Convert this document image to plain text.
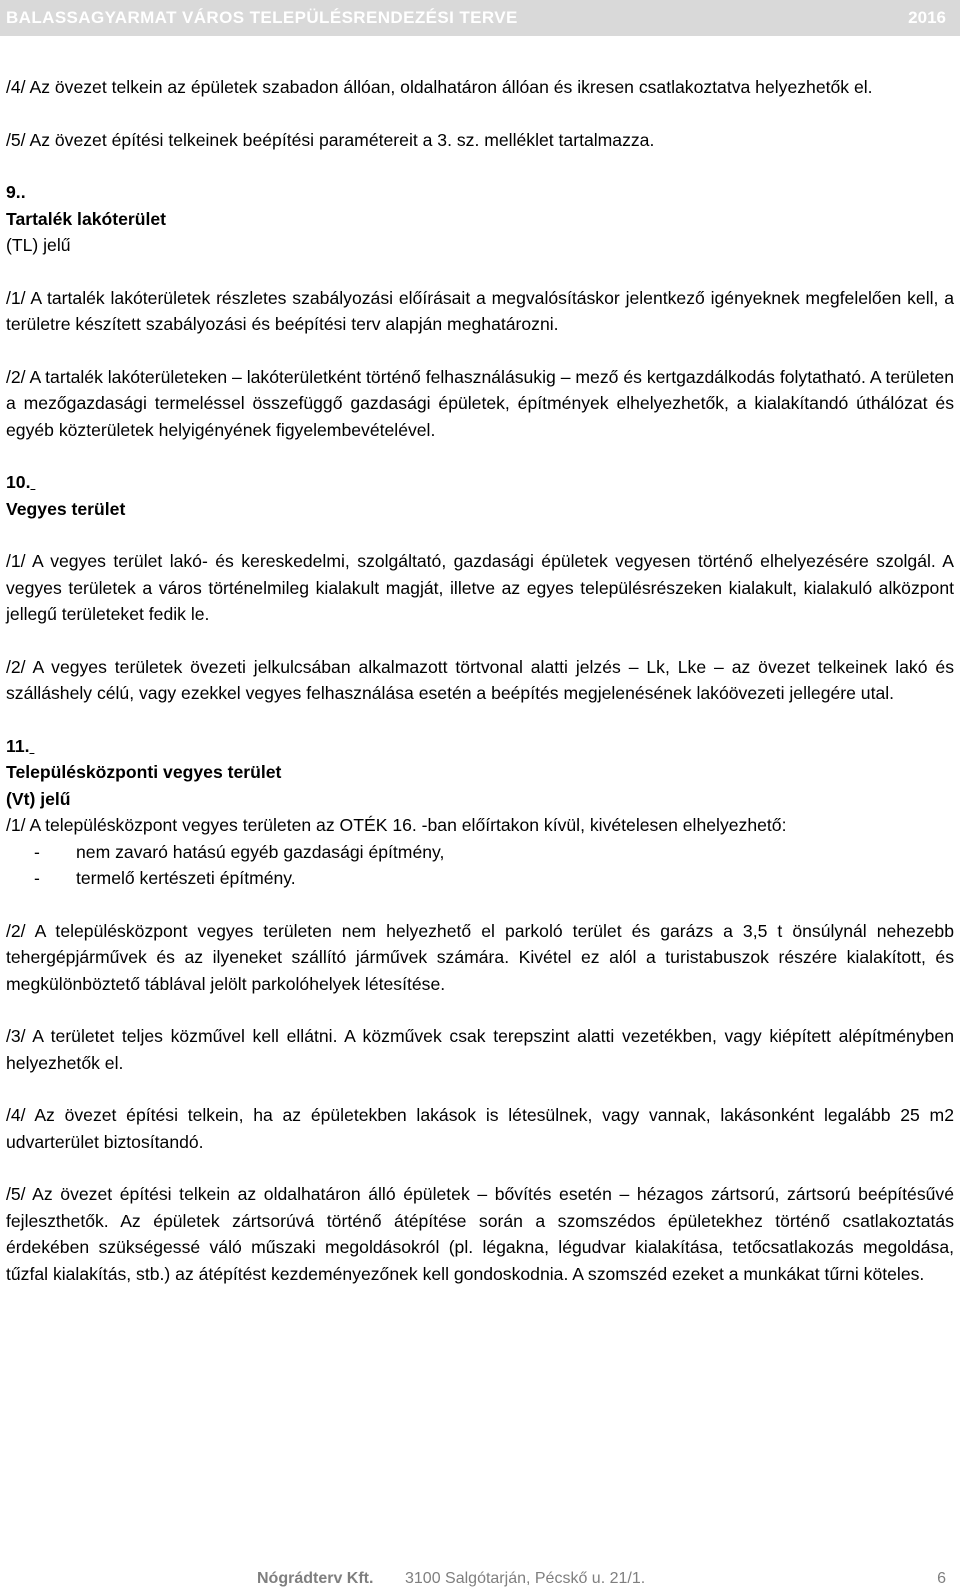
BALASSAGYARMAT VÁROS TELEPÜLÉSRENDEZÉSI TERVE	2016

/4/ Az övezet telkein az épületek szabadon állóan, oldalhatáron állóan és ikresen csatlakoztatva helyezhetők el.

/5/ Az övezet építési telkeinek beépítési paramétereit a 3. sz. melléklet tartalmazza.

9..

Tartalék lakóterület

(TL) jelű

/1/ A tartalék lakóterületek részletes szabályozási előírásait a megvalósításkor jelentkező igényeknek megfelelően kell, a területre készített szabályozási és beépítési terv alapján meghatározni.

/2/ A tartalék lakóterületeken – lakóterületként történő felhasználásukig – mező és kertgazdálkodás folytatható. A területen a mezőgazdasági termeléssel összefüggő gazdasági épületek, építmények elhelyezhetők, a kialakítandó úthálózat és egyéb közterületek helyigényének figyelembevételével.

10.

Vegyes terület

/1/ A vegyes terület lakó- és kereskedelmi, szolgáltató, gazdasági épületek vegyesen történő elhelyezésére szolgál. A vegyes területek a város történelmileg kialakult magját, illetve az egyes településrészeken kialakult, kialakuló alközpont jellegű területeket fedik le.

/2/ A vegyes területek övezeti jelkulcsában alkalmazott törtvonal alatti jelzés – Lk, Lke – az övezet telkeinek lakó és szálláshely célú, vagy ezekkel vegyes felhasználása esetén a beépítés megjelenésének lakóövezeti jellegére utal.

11.

Településközponti vegyes terület

(Vt) jelű

/1/ A településközpont vegyes területen az OTÉK 16. -ban előírtakon kívül, kivételesen elhelyezhető:

- nem zavaró hatású egyéb gazdasági építmény,
- termelő kertészeti építmény.

/2/ A településközpont vegyes területen nem helyezhető el parkoló terület és garázs a 3,5 t önsúlynál nehezebb tehergépjárművek és az ilyeneket szállító járművek számára. Kivétel ez alól a turistabuszok részére kialakított, és megkülönböztető táblával jelölt parkolóhelyek létesítése.

/3/ A területet teljes közművel kell ellátni. A közművek csak terepszint alatti vezetékben, vagy kiépített alépítményben helyezhetők el.

/4/ Az övezet építési telkein, ha az épületekben lakások is létesülnek, vagy vannak, lakásonként legalább 25 m2 udvarterület biztosítandó.

/5/ Az övezet építési telkein az oldalhatáron álló épületek – bővítés esetén – hézagos zártsorú, zártsorú beépítésűvé fejleszthetők. Az épületek zártsorúvá történő átépítése során a szomszédos épületekhez történő csatlakoztatás érdekében szükségessé váló műszaki megoldásokról (pl. légakna, légudvar kialakítása, tetőcsatlakozás megoldása, tűzfal kialakítás, stb.) az átépítést kezdeményezőnek kell gondoskodnia. A szomszéd ezeket a munkákat tűrni köteles.

Nógrádterv Kft. 3100 Salgótarján, Pécskő u. 21/1.	6
